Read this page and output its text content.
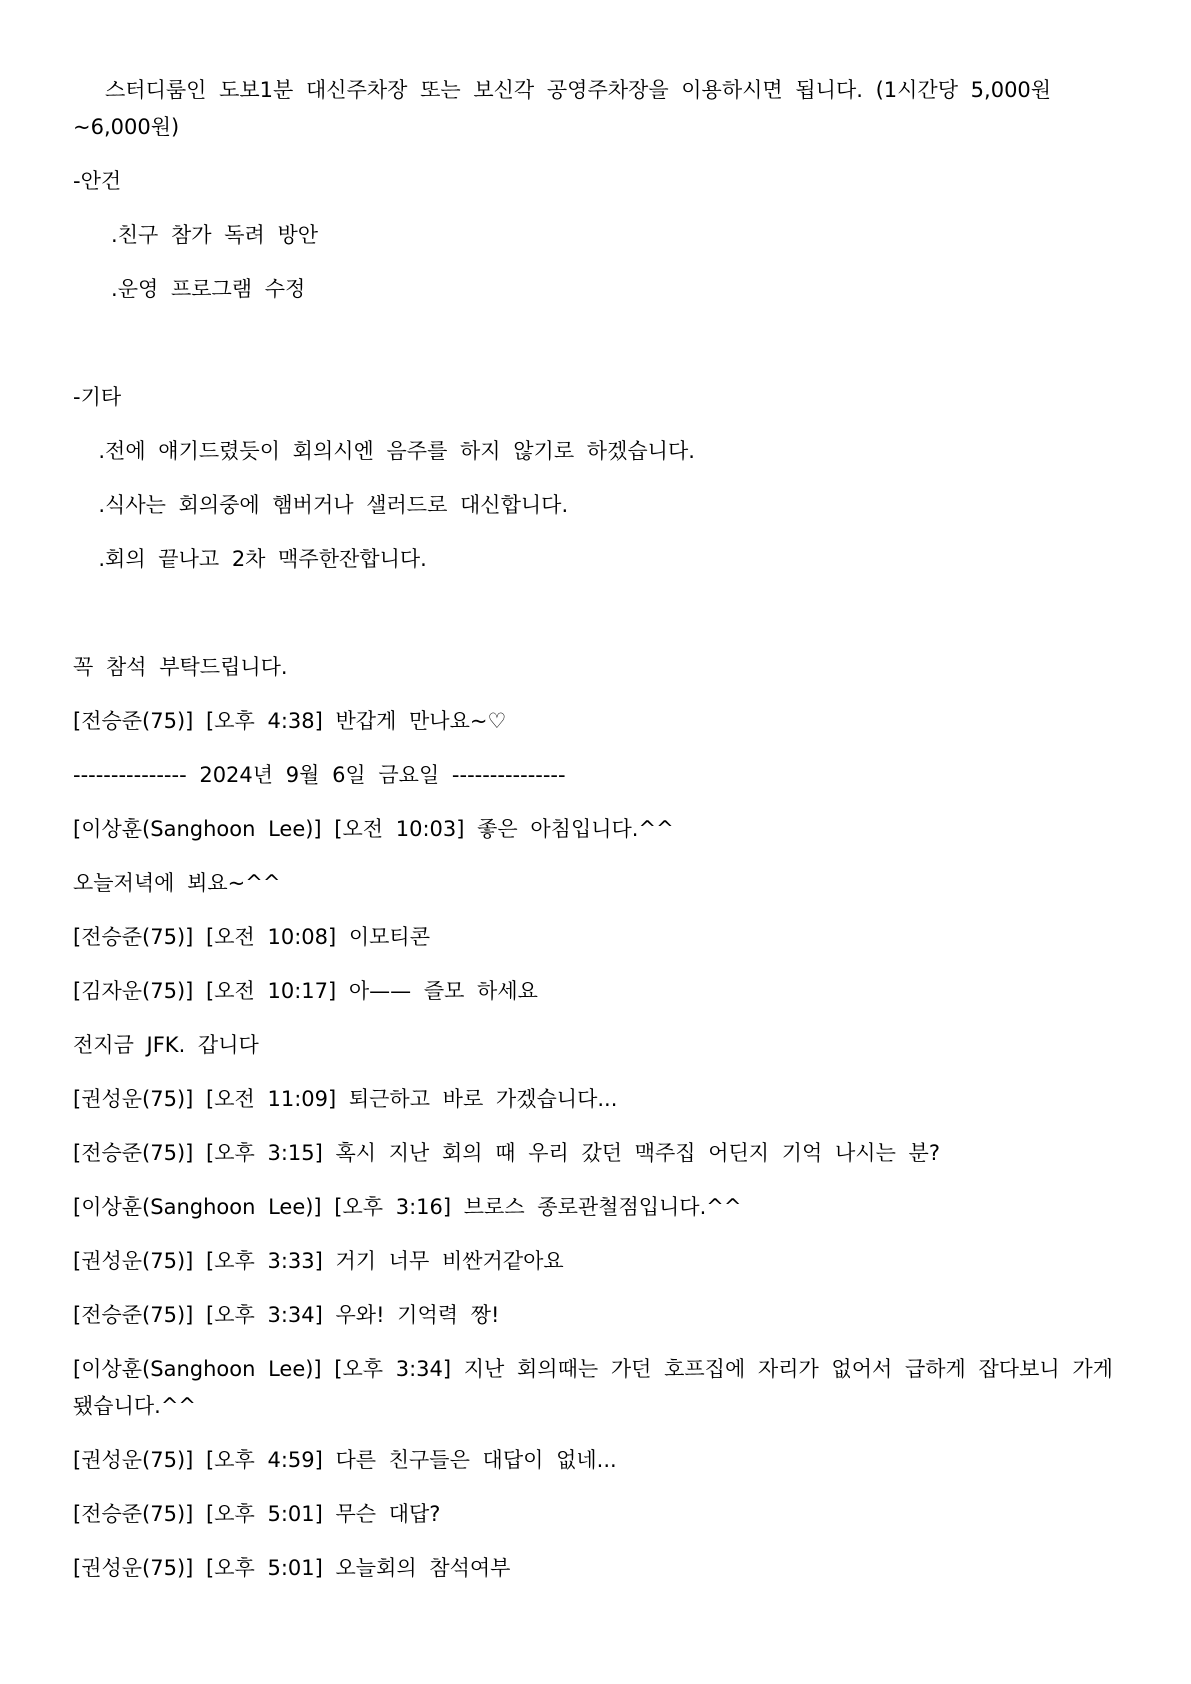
스터디룸인 도보1분 대신주차장 또는 보신각 공영주차장을 이용하시면 됩니다. (1시간당 5,000원 ~6,000원)

-안건

.친구 참가 독려 방안

.운영 프로그램 수정

-기타

.전에 얘기드렸듯이 회의시엔 음주를 하지 않기로 하겠습니다.

.식사는 회의중에 햄버거나 샐러드로 대신합니다.

.회의 끝나고 2차 맥주한잔합니다.

꼭 참석 부탁드립니다.

[전승준(75)] [오후 4:38] 반갑게 만나요~♡

--------------- 2024년 9월 6일 금요일 ---------------

[이상훈(Sanghoon Lee)] [오전 10:03] 좋은 아침입니다.^^

오늘저녁에 뵈요~^^

[전승준(75)] [오전 10:08] 이모티콘

[김자운(75)] [오전 10:17] 아—— 즐모 하세요

전지금 JFK. 갑니다

[권성운(75)] [오전 11:09] 퇴근하고 바로 가겠습니다...

[전승준(75)] [오후 3:15] 혹시 지난 회의 때 우리 갔던 맥주집 어딘지 기억 나시는 분?

[이상훈(Sanghoon Lee)] [오후 3:16] 브로스 종로관철점입니다.^^

[권성운(75)] [오후 3:33] 거기 너무 비싼거같아요

[전승준(75)] [오후 3:34] 우와! 기억력 짱!

[이상훈(Sanghoon Lee)] [오후 3:34] 지난 회의때는 가던 호프집에 자리가 없어서 급하게 잡다보니 가게 됐습니다.^^

[권성운(75)] [오후 4:59] 다른 친구들은 대답이 없네...

[전승준(75)] [오후 5:01] 무슨 대답?

[권성운(75)] [오후 5:01] 오늘회의 참석여부
